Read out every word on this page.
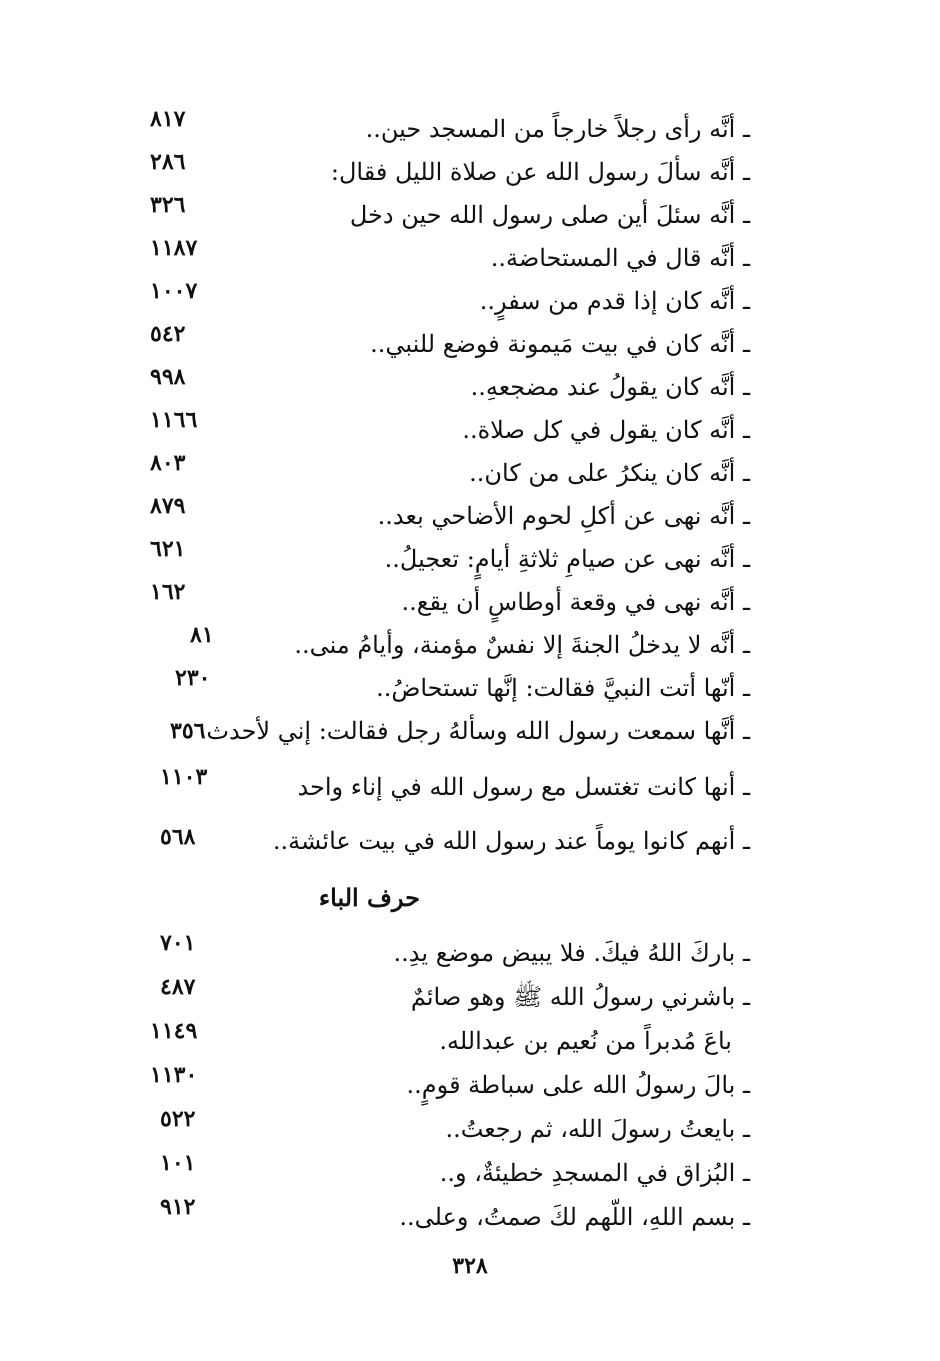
ـ أنَّه رأى رجلاً خارجاً من المسجد حين..
٨١٧
ـ أنَّه سألَ رسول الله عن صلاة الليل فقال:
٢٨٦
ـ أنَّه سئلَ أين صلى رسول الله حين دخل
٣٢٦
ـ أنَّه قال في المستحاضة..
١١٨٧
ـ أنَّه كان إذا قدم من سفرٍ..
١٠٠٧
ـ أنَّه كان في بيت مَيمونة فوضع للنبي..
٥٤٢
ـ أنَّه كان يقولُ عند مضجعهِ..
٩٩٨
ـ أنَّه كان يقول في كل صلاة..
١١٦٦
ـ أنَّه كان ينكرُ على من كان..
٨٠٣
ـ أنَّه نهى عن أكلِ لحوم الأضاحي بعد..
٨٧٩
ـ أنَّه نهى عن صيامِ ثلاثةِ أيامٍ: تعجيلُ..
٦٢١
ـ أنَّه نهى في وقعة أوطاسٍ أن يقع..
١٦٢
ـ أنَّه لا يدخلُ الجنةَ إلا نفسٌ مؤمنة، وأيامُ منى..
٨١
ـ أنّها أتت النبيَّ فقالت: إنَّها تستحاضُ..
٢٣٠
ـ أنَّها سمعت رسول الله وسألهُ رجل فقالت: إني لأحدث
٣٥٦
ـ أنها كانت تغتسل مع رسول الله في إناء واحد
١١٠٣
ـ أنهم كانوا يوماً عند رسول الله في بيت عائشة..
٥٦٨
حرف الباء
ـ باركَ اللهُ فيكَ. فلا يبيض موضع يدِ..
٧٠١
ـ باشرني رسولُ الله ﷺ وهو صائمٌ
٤٨٧
باعَ مُدبراً من نُعيم بن عبدالله.
١١٤٩
ـ بالَ رسولُ الله على سباطة قومٍ..
١١٣٠
ـ بايعتُ رسولَ الله، ثم رجعتُ..
٥٢٢
ـ البُزاق في المسجدِ خطيئةٌ، و..
١٠١
ـ بسم اللهِ، اللّهم لكَ صمتُ، وعلى..
٩١٢
٣٢٨
